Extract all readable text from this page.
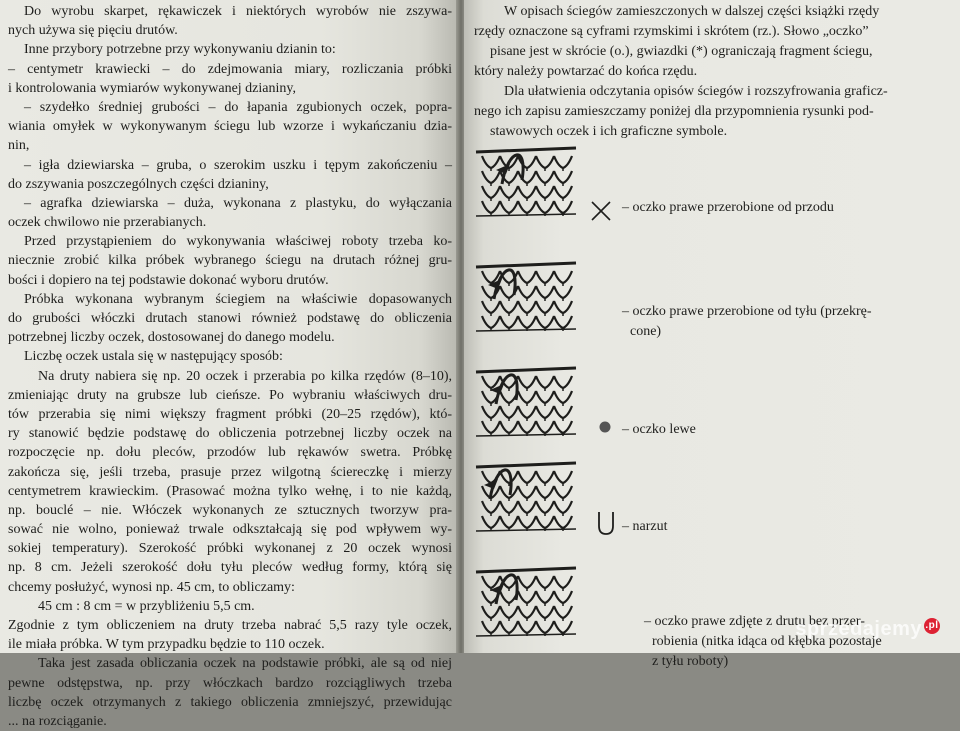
Do wyrobu skarpet, rękawiczek i niektórych wyrobów nie zszywa-
nych używa się pięciu drutów.
Inne przybory potrzebne przy wykonywaniu dzianin to:
– centymetr krawiecki – do zdejmowania miary, rozliczania próbki
i kontrolowania wymiarów wykonywanej dzianiny,
– szydełko średniej grubości – do łapania zgubionych oczek, popra-
wiania omyłek w wykonywanym ściegu lub wzorze i wykańczaniu dzia-
nin,
– igła dziewiarska – gruba, o szerokim uszku i tępym zakończeniu –
do zszywania poszczególnych części dzianiny,
– agrafka dziewiarska – duża, wykonana z plastyku, do wyłączania
oczek chwilowo nie przerabianych.
Przed przystąpieniem do wykonywania właściwej roboty trzeba ko-
niecznie zrobić kilka próbek wybranego ściegu na drutach różnej gru-
bości i dopiero na tej podstawie dokonać wyboru drutów.
Próbka wykonana wybranym ściegiem na właściwie dopasowanych
do grubości włóczki drutach stanowi również podstawę do obliczenia
potrzebnej liczby oczek, dostosowanej do danego modelu.
Liczbę oczek ustala się w następujący sposób:
Na druty nabiera się np. 20 oczek i przerabia po kilka rzędów (8–10),
zmieniając druty na grubsze lub cieńsze. Po wybraniu właściwych dru-
tów przerabia się nimi większy fragment próbki (20–25 rzędów), któ-
ry stanowić będzie podstawę do obliczenia potrzebnej liczby oczek na
rozpoczęcie np. dołu pleców, przodów lub rękawów swetra. Próbkę
zakończa się, jeśli trzeba, prasuje przez wilgotną ściereczkę i mierzy
centymetrem krawieckim. (Prasować można tylko wełnę, i to nie każdą,
np. bouclé – nie. Włóczek wykonanych ze sztucznych tworzyw pra-
sować nie wolno, ponieważ trwale odkształcają się pod wpływem wy-
sokiej temperatury). Szerokość próbki wykonanej z 20 oczek wynosi
np. 8 cm. Jeżeli szerokość dołu tyłu pleców według formy, którą się
chcemy posłużyć, wynosi np. 45 cm, to obliczamy:
45 cm : 8 cm = w przybliżeniu 5,5 cm.
Zgodnie z tym obliczeniem na druty trzeba nabrać 5,5 razy tyle oczek,
ile miała próbka. W tym przypadku będzie to 110 oczek.
Taka jest zasada obliczania oczek na podstawie próbki, ale są od niej
pewne odstępstwa, np. przy włóczkach bardzo rozciągliwych trzeba
liczbę oczek otrzymanych z takiego obliczenia zmniejszyć, przewidując
... na rozciąganie.
W opisach ściegów zamieszczonych w dalszej części książki rzędy
rzędy oznaczone są cyframi rzymskimi i skrótem (rz.). Słowo „oczko”
pisane jest w skrócie (o.), gwiazdki (*) ograniczają fragment ściegu,
który należy powtarzać do końca rzędu.
Dla ułatwienia odczytania opisów ściegów i rozszyfrowania graficz-
nego ich zapisu zamieszczamy poniżej dla przypomnienia rysunki pod-
stawowych oczek i ich graficzne symbole.
– oczko prawe przerobione od przodu
– oczko prawe przerobione od tyłu (przekrę-
cone)
– oczko lewe
– narzut
– oczko prawe zdjęte z drutu bez przer-
robienia (nitka idąca od kłębka pozostaje
z tyłu roboty)
sprzedajemy .pl
